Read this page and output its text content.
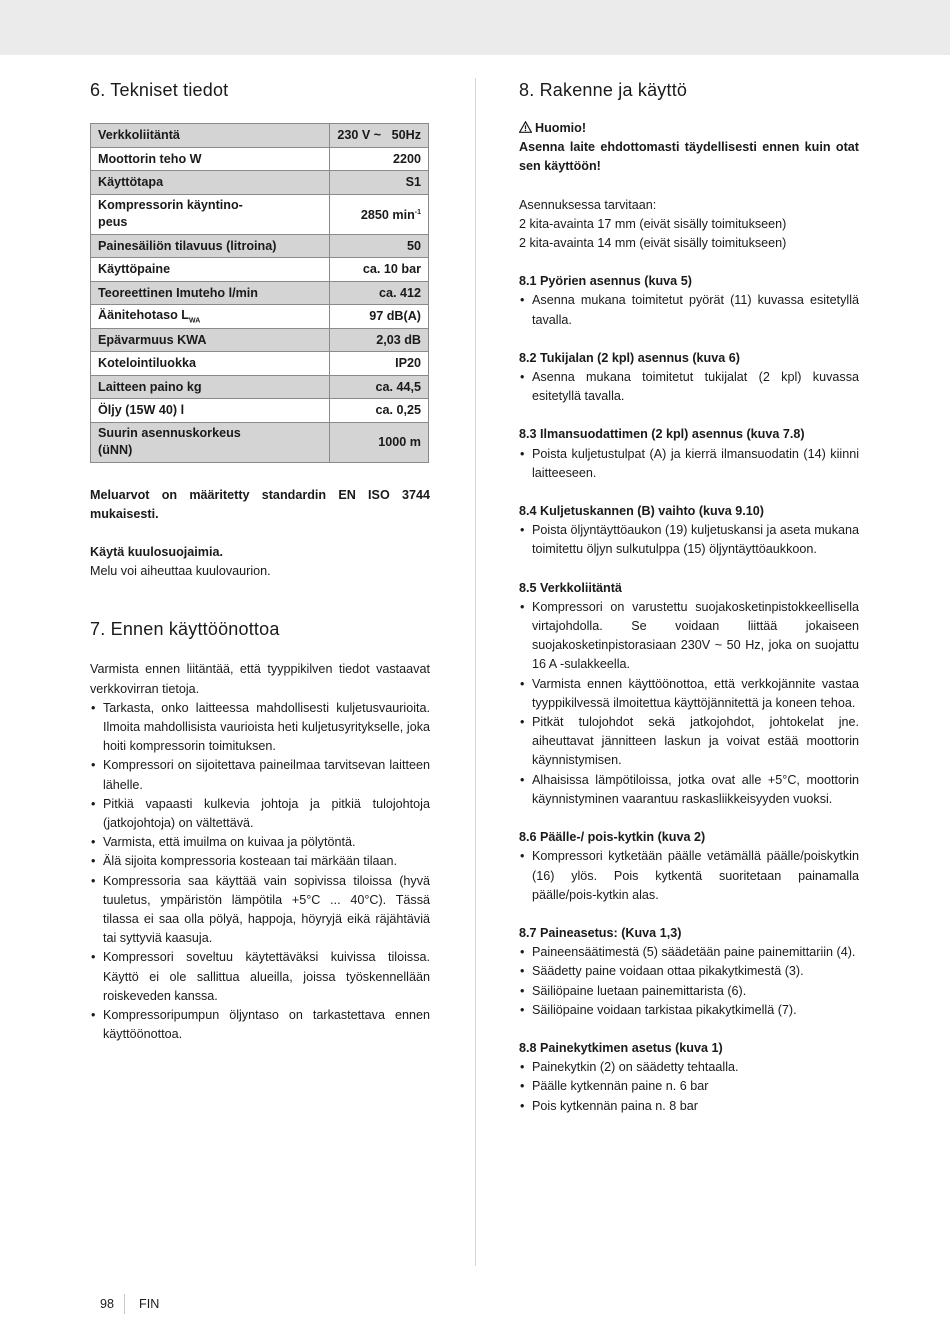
6. Tekniset tiedot
Verkkoliitäntä	230 V ~   50Hz
Moottorin teho W	2200
Käyttötapa	S1
Kompressorin käyntino-peus	2850 $\min^{-1}$
Painesäiliön tilavuus (litroina)	50
Käyttöpaine	ca. 10 bar
Teoreettinen Imuteho l/min	ca. 412
Äänitehotaso $L_{WA}$	97 dB(A)
Epävarmuus KWA	2,03 dB
Kotelointiluokka	IP20
Laitteen paino kg	ca. 44,5
Öljy (15W 40) l	ca. 0,25
Suurin asennuskorkeus (üNN)	1000 m

Meluarvot on määritetty standardin EN ISO 3744 mukaisesti.

Käytä kuulosuojaimia.

Melu voi aiheuttaa kuulovaurion.

7. Ennen käyttöönottoa

Varmista ennen liitäntää, että tyyppikilven tiedot vastaavat verkkovirran tietoja.

• Tarkasta, onko laitteessa mahdollisesti kuljetusvaurioita. Ilmoita mahdollisista vaurioista heti kuljetusyritykselle, joka hoiti kompressorin toimituksen.
• Kompressori on sijoitettava paineilmaa tarvitsevan laitteen lähelle.
• Pitkiä vapaasti kulkevia johtoja ja pitkiä tulojohtoja (jatkojohtoja) on vältettävä.
• Varmista, että imuilma on kuivaa ja pölytöntä.
• Älä sijoita kompressoria kosteaan tai märkään tilaan.
• Kompressoria saa käyttää vain sopivissa tiloissa (hyvä tuuletus, ympäristön lämpötila +5°C ... 40°C). Tässä tilassa ei saa olla pölyä, happoja, höyryjä eikä räjähtäviä tai syttyviä kaasuja.
• Kompressori soveltuu käytettäväksi kuivissa tiloissa. Käyttö ei ole sallittua alueilla, joissa työskennellään roiskeveden kanssa.
• Kompressoripumpun öljyntaso on tarkastettava ennen käyttöönottoa.
8. Rakenne ja käyttö

Huomio!

Asenna laite ehdottomasti täydellisesti ennen kuin otat sen käyttöön!

Asennuksessa tarvitaan:

2 kita-avainta 17 mm (eivät sisälly toimitukseen)

2 kita-avainta 14 mm (eivät sisälly toimitukseen)

8.1 Pyörien asennus (kuva 5)
• Asenna mukana toimitetut pyörät (11) kuvassa esitetyllä tavalla.
8.2 Tukijalan (2 kpl) asennus (kuva 6)
• Asenna mukana toimitetut tukijalat (2 kpl) kuvassa esitetyllä tavalla.
8.3 Ilmansuodattimen (2 kpl) asennus (kuva 7.8)
• Poista kuljetustulpat (A) ja kierrä ilmansuodatin (14) kiinni laitteeseen.
8.4 Kuljetuskannen (B) vaihto (kuva 9.10)
• Poista öljyntäyttöaukon (19) kuljetuskansi ja aseta mukana toimitettu öljyn sulkutulppa (15) öljyntäyttöaukkoon.
8.5 Verkkoliitäntä
• Kompressori on varustettu suojakosketinpistokkeellisella virtajohdolla. Se voidaan liittää jokaiseen suojakosketinpistorasiaan 230V ~ 50 Hz, joka on suojattu 16 A -sulakkeella.
• Varmista ennen käyttöönottoa, että verkkojännite vastaa tyyppikilvessä ilmoitettua käyttöjännitettä ja koneen tehoa.
• Pitkät tulojohdot sekä jatkojohdot, johtokelat jne. aiheuttavat jännitteen laskun ja voivat estää moottorin käynnistymisen.
• Alhaisissa lämpötiloissa, jotka ovat alle +5°C, moottorin käynnistyminen vaarantuu raskasliikkeisyyden vuoksi.
8.6 Päälle-/ pois-kytkin (kuva 2)
• Kompressori kytketään päälle vetämällä päälle/poiskytkin (16) ylös. Pois kytkentä suoritetaan painamalla päälle/pois-kytkin alas.
8.7 Paineasetus: (Kuva 1,3)
• Paineensäätimestä (5) säädetään paine painemittariin (4).
• Säädetty paine voidaan ottaa pikakytkimestä (3).
• Säiliöpaine luetaan painemittarista (6).
• Säiliöpaine voidaan tarkistaa pikakytkimellä (7).
8.8 Painekytkimen asetus (kuva 1)
• Painekytkin (2) on säädetty tehtaalla.
• Päälle kytkennän paine n. 6 bar
• Pois kytkennän paina n. 8 bar
98 FIN
